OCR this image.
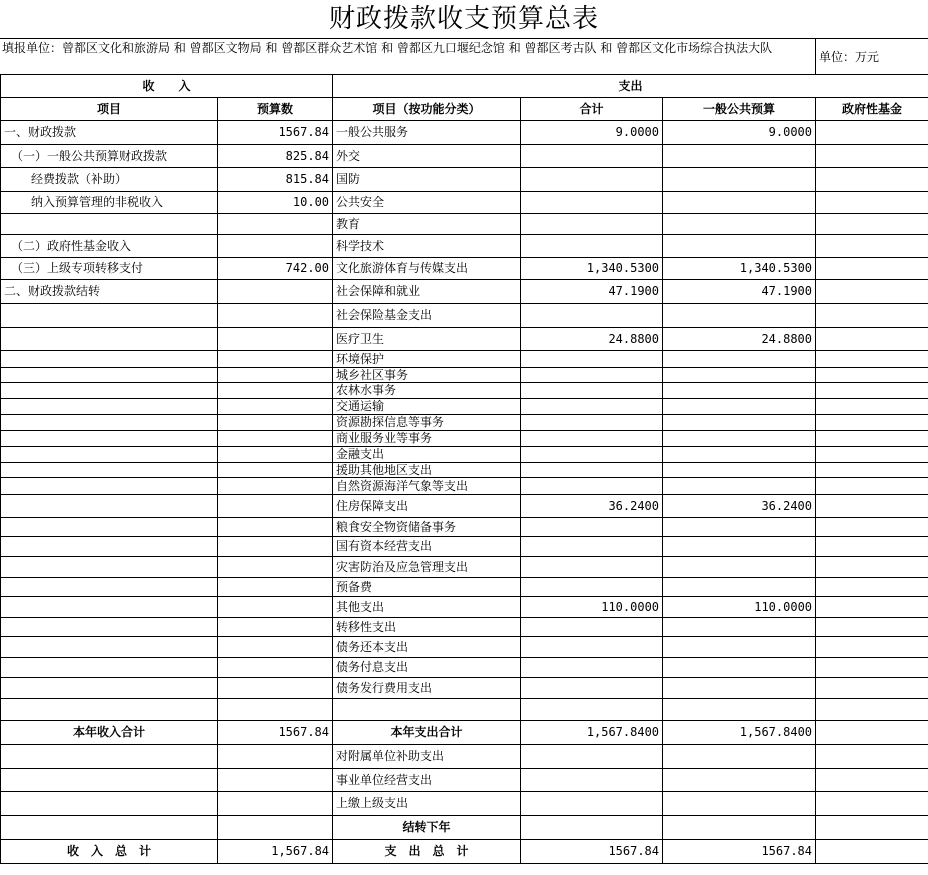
财政拨款收支预算总表
填报单位：曾都区文化和旅游局 和 曾都区文物局 和 曾都区群众艺术馆 和 曾都区九口堰纪念馆 和 曾都区考古队 和 曾都区文化市场综合执法大队
单位：万元
收　　入		支出			
项目	预算数	项目（按功能分类）	合计	一般公共预算	政府性基金
一、财政拨款	1567.84	一般公共服务	9.0000	9.0000	
（一）一般公共预算财政拨款	825.84	外交			
经费拨款（补助）	815.84	国防			
纳入预算管理的非税收入	10.00	公共安全			
		教育			
（二）政府性基金收入		科学技术			
（三）上级专项转移支付	742.00	文化旅游体育与传媒支出	1,340.5300	1,340.5300	
二、财政拨款结转		社会保障和就业	47.1900	47.1900	
		社会保险基金支出			
		医疗卫生	24.8800	24.8800	
		环境保护			
		城乡社区事务			
		农林水事务			
		交通运输			
		资源勘探信息等事务			
		商业服务业等事务			
		金融支出			
		援助其他地区支出			
		自然资源海洋气象等支出			
		住房保障支出	36.2400	36.2400	
		粮食安全物资储备事务			
		国有资本经营支出			
		灾害防治及应急管理支出			
		预备费			
		其他支出	110.0000	110.0000	
		转移性支出			
		债务还本支出			
		债务付息支出			
		债务发行费用支出			

本年收入合计	1567.84	本年支出合计	1,567.8400	1,567.8400	
		对附属单位补助支出			
		事业单位经营支出			
		上缴上级支出			
		结转下年			
收　入　总　计	1,567.84	支　出　总　计	1567.84	1567.84	
